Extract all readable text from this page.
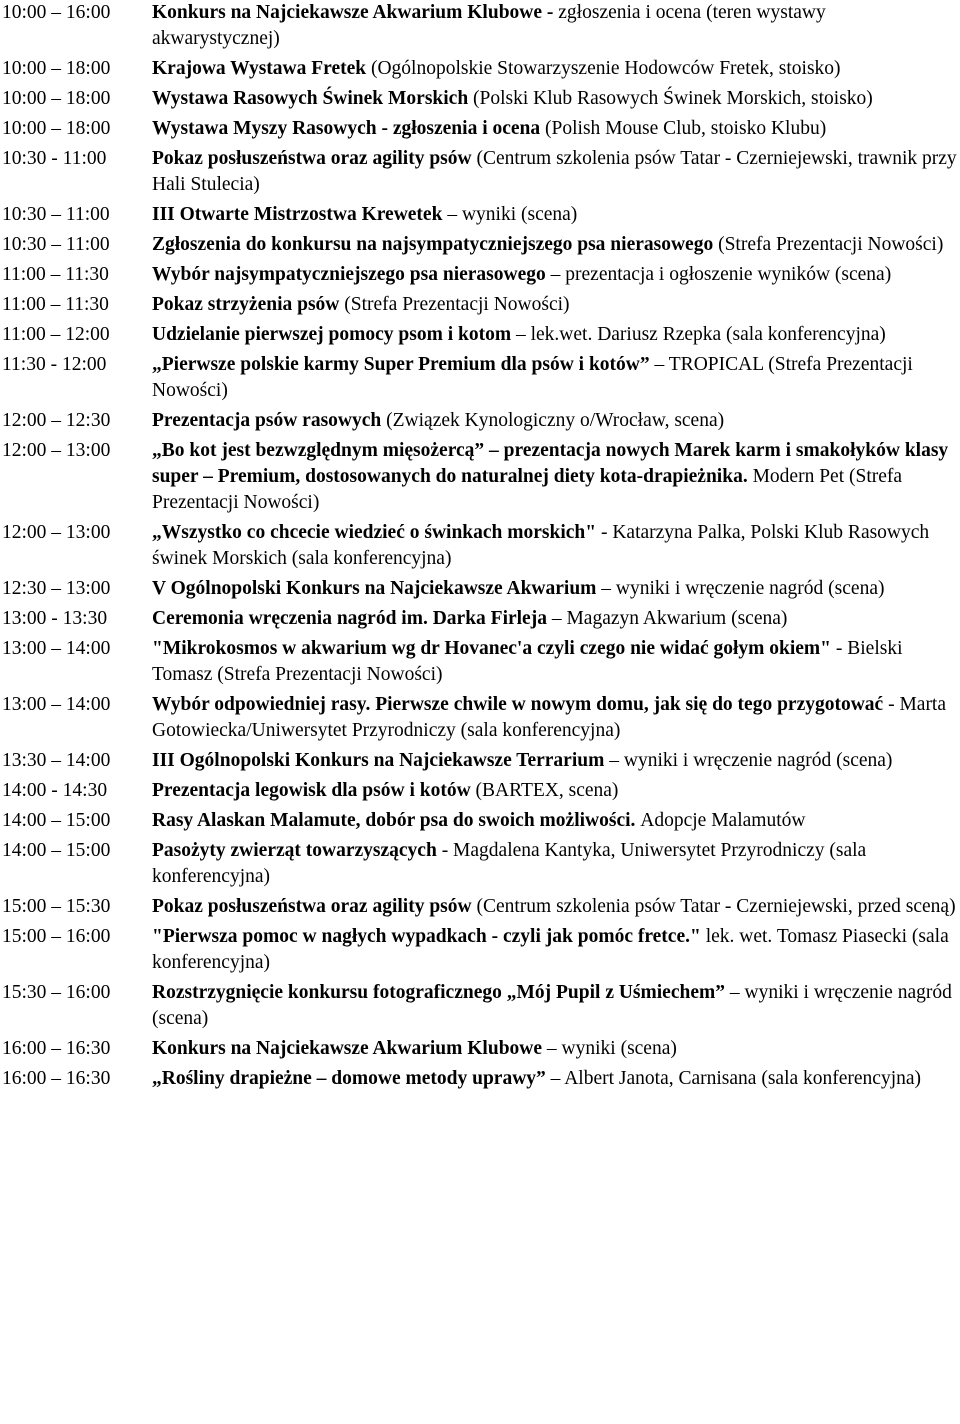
10:00 – 16:00	Konkurs na Najciekawsze Akwarium Klubowe - zgłoszenia i ocena (teren wystawy akwarystycznej)
10:00 – 18:00	Krajowa Wystawa Fretek (Ogólnopolskie Stowarzyszenie Hodowców Fretek, stoisko)
10:00 – 18:00	Wystawa Rasowych Świnek Morskich (Polski Klub Rasowych Świnek Morskich, stoisko)
10:00 – 18:00	Wystawa Myszy Rasowych - zgłoszenia i ocena (Polish Mouse Club, stoisko Klubu)
10:30 - 11:00	Pokaz posłuszeństwa oraz agility psów (Centrum szkolenia psów Tatar - Czerniejewski, trawnik przy Hali Stulecia)
10:30 – 11:00	III Otwarte Mistrzostwa Krewetek – wyniki (scena)
10:30 – 11:00	Zgłoszenia do konkursu na najsympatyczniejszego psa nierasowego (Strefa Prezentacji Nowości)
11:00 – 11:30	Wybór najsympatyczniejszego psa nierasowego – prezentacja i ogłoszenie wyników (scena)
11:00 – 11:30	Pokaz strzyżenia psów (Strefa Prezentacji Nowości)
11:00 – 12:00	Udzielanie pierwszej pomocy psom i kotom – lek.wet. Dariusz Rzepka (sala konferencyjna)
11:30 - 12:00	„Pierwsze polskie karmy Super Premium dla psów i kotów” – TROPICAL (Strefa Prezentacji Nowości)
12:00 – 12:30	Prezentacja psów rasowych (Związek Kynologiczny o/Wrocław, scena)
12:00 – 13:00	„Bo kot jest bezwzględnym mięsożercą” – prezentacja nowych Marek karm i smakołyków klasy super – Premium, dostosowanych do naturalnej diety kota-drapieżnika. Modern Pet (Strefa Prezentacji Nowości)
12:00 – 13:00	„Wszystko co chcecie wiedzieć o świnkach morskich" - Katarzyna Palka, Polski Klub Rasowych świnek Morskich (sala konferencyjna)
12:30 – 13:00	V Ogólnopolski Konkurs na Najciekawsze Akwarium – wyniki i wręczenie nagród (scena)
13:00 - 13:30	Ceremonia wręczenia nagród im. Darka Firleja – Magazyn Akwarium (scena)
13:00 – 14:00	"Mikrokosmos w akwarium wg dr Hovanec'a czyli czego nie widać gołym okiem" - Bielski Tomasz (Strefa Prezentacji Nowości)
13:00 – 14:00	Wybór odpowiedniej rasy. Pierwsze chwile w nowym domu, jak się do tego przygotować - Marta Gotowiecka/Uniwersytet Przyrodniczy (sala konferencyjna)
13:30 – 14:00	III Ogólnopolski Konkurs na Najciekawsze Terrarium – wyniki i wręczenie nagród (scena)
14:00 - 14:30	Prezentacja legowisk dla psów i kotów (BARTEX, scena)
14:00 – 15:00	Rasy Alaskan Malamute, dobór psa do swoich możliwości. Adopcje Malamutów
14:00 – 15:00	Pasożyty zwierząt towarzyszących - Magdalena Kantyka, Uniwersytet Przyrodniczy (sala konferencyjna)
15:00 – 15:30	Pokaz posłuszeństwa oraz agility psów (Centrum szkolenia psów Tatar - Czerniejewski, przed sceną)
15:00 – 16:00	"Pierwsza pomoc w nagłych wypadkach - czyli jak pomóc fretce." lek. wet. Tomasz Piasecki (sala konferencyjna)
15:30 – 16:00	Rozstrzygnięcie konkursu fotograficznego „Mój Pupil z Uśmiechem” – wyniki i wręczenie nagród (scena)
16:00 – 16:30	Konkurs na Najciekawsze Akwarium Klubowe – wyniki (scena)
16:00 – 16:30	„Rośliny drapieżne – domowe metody uprawy” – Albert Janota, Carnisana (sala konferencyjna)
